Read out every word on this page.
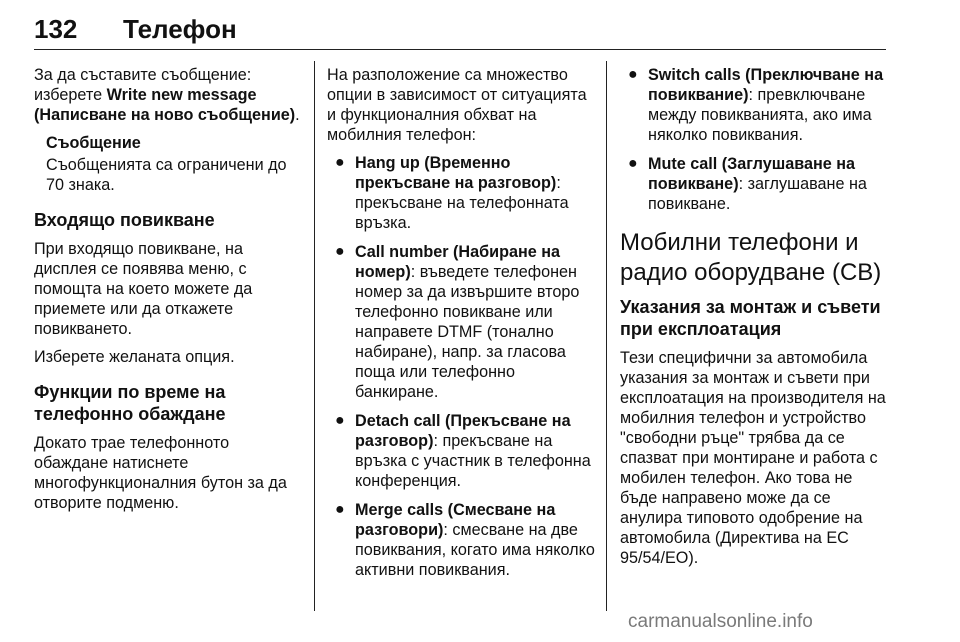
132 Телефон

За да съставите съобщение: изберете Write new message (Написване на ново съобщение).

Съобщение

Съобщенията са ограничени до 70 знака.

Входящо повикване

При входящо повикване, на дисплея се появява меню, с помощта на което можете да приемете или да откажете повикването.

Изберете желаната опция.

Функции по време на телефонно обаждане

Докато трае телефонното обаждане натиснете многофункционалния бутон за да отворите подменю.

На разположение са множество опции в зависимост от ситуацията и функционалния обхват на мобилния телефон:

● Hang up (Временно прекъсване на разговор): прекъсване на телефонната връзка.
● Call number (Набиране на номер): въведете телефонен номер за да извършите второ телефонно повикване или направете DTMF (тонално набиране), напр. за гласова поща или телефонно банкиране.
● Detach call (Прекъсване на разговор): прекъсване на връзка с участник в телефонна конференция.
● Merge calls (Смесване на разговори): смесване на две повиквания, когато има няколко активни повиквания.
● Switch calls (Преключване на повиквание): превключване между повикванията, ако има няколко повиквания.
● Mute call (Заглушаване на повикване): заглушаване на повикване.
Мобилни телефони и радио оборудване (CB)
Указания за монтаж и съвети при експлоатация

Тези специфични за автомобила указания за монтаж и съвети при експлоатация на производителя на мобилния телефон и устройство "свободни ръце" трябва да се спазват при монтиране и работа с мобилен телефон. Ако това не бъде направено може да се анулира типовото одобрение на автомобила (Директива на ЕС 95/54/ЕО).

carmanualsonline.info
